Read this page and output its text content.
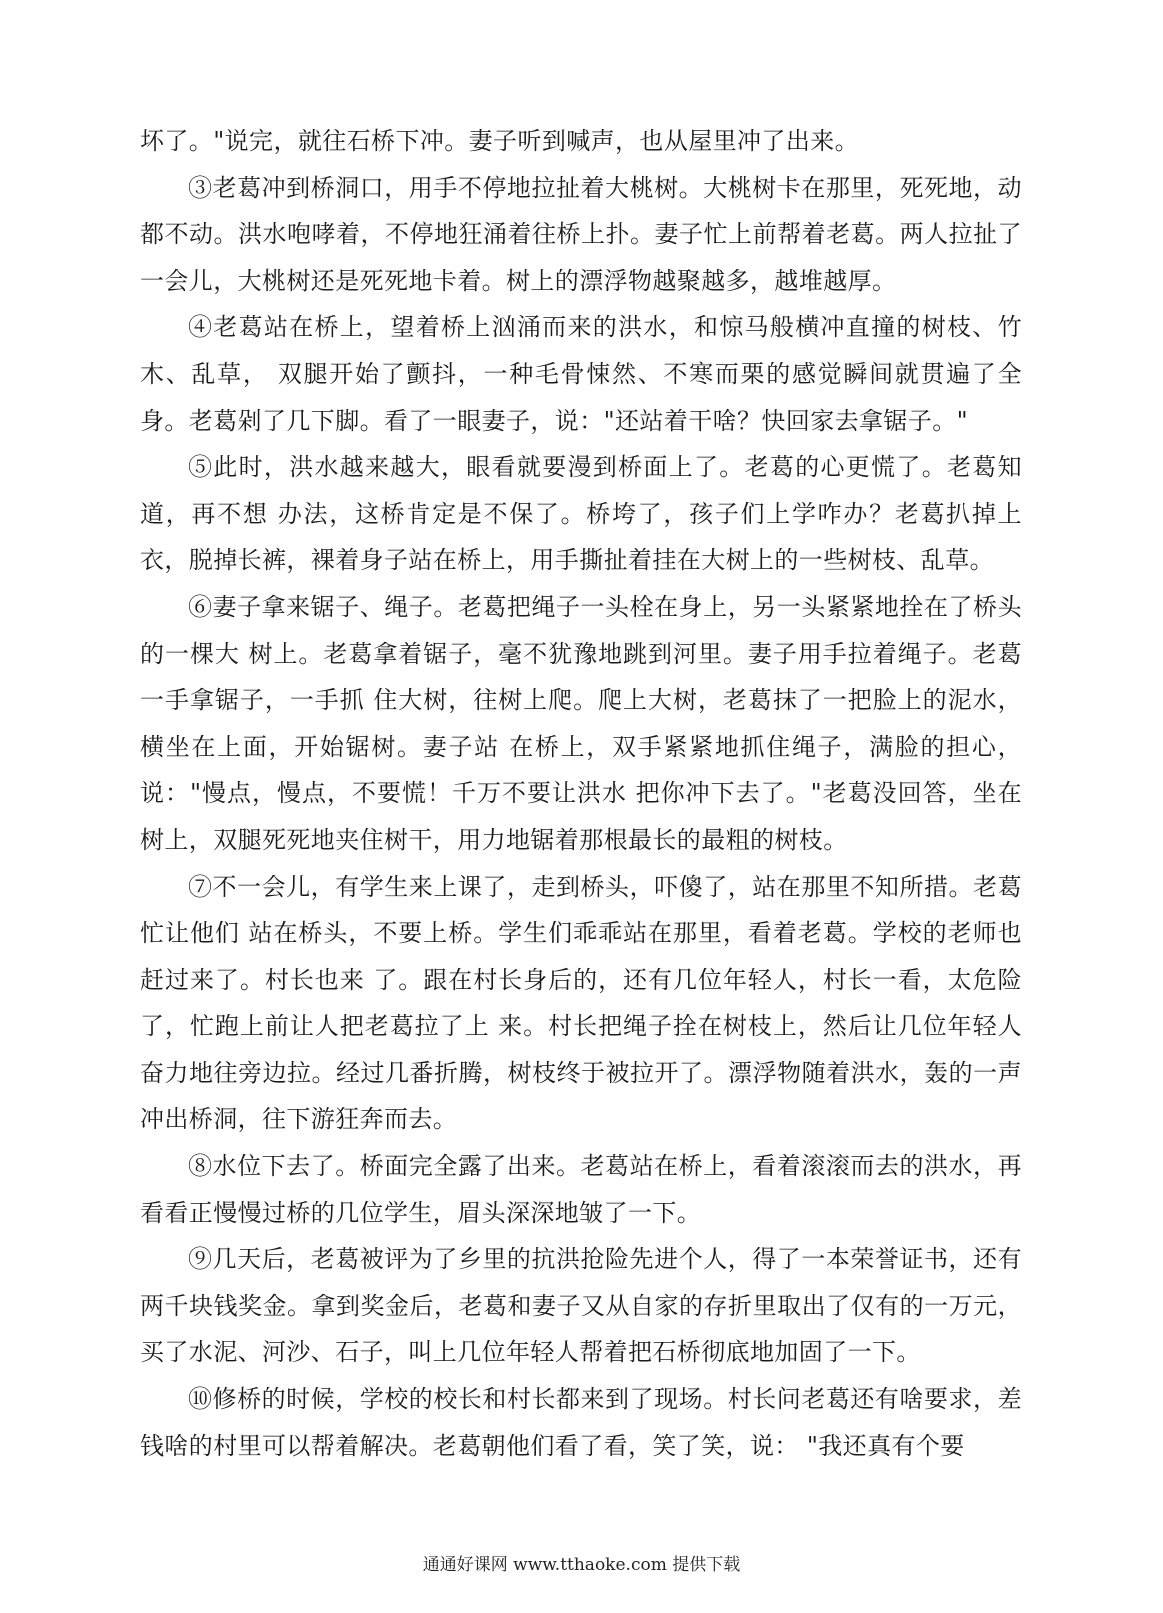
坏了。"说完，就往石桥下冲。妻子听到喊声，也从屋里冲了出来。

③老葛冲到桥洞口，用手不停地拉扯着大桃树。大桃树卡在那里，死死地，动都不动。洪水咆哮着，不停地狂涌着往桥上扑。妻子忙上前帮着老葛。两人拉扯了一会儿，大桃树还是死死地卡着。树上的漂浮物越聚越多，越堆越厚。

④老葛站在桥上，望着桥上汹涌而来的洪水，和惊马般横冲直撞的树枝、竹木、乱草， 双腿开始了颤抖，一种毛骨悚然、不寒而栗的感觉瞬间就贯遍了全身。老葛剁了几下脚。看了一眼妻子，说："还站着干啥？快回家去拿锯子。"

⑤此时，洪水越来越大，眼看就要漫到桥面上了。老葛的心更慌了。老葛知道，再不想 办法，这桥肯定是不保了。桥垮了，孩子们上学咋办？老葛扒掉上衣，脱掉长裤，裸着身子站在桥上，用手撕扯着挂在大树上的一些树枝、乱草。

⑥妻子拿来锯子、绳子。老葛把绳子一头栓在身上，另一头紧紧地拴在了桥头的一棵大 树上。老葛拿着锯子，毫不犹豫地跳到河里。妻子用手拉着绳子。老葛一手拿锯子，一手抓 住大树，往树上爬。爬上大树，老葛抹了一把脸上的泥水，横坐在上面，开始锯树。妻子站 在桥上，双手紧紧地抓住绳子，满脸的担心，说："慢点，慢点，不要慌！千万不要让洪水 把你冲下去了。"老葛没回答，坐在树上，双腿死死地夹住树干，用力地锯着那根最长的最粗的树枝。

⑦不一会儿，有学生来上课了，走到桥头，吓傻了，站在那里不知所措。老葛忙让他们 站在桥头，不要上桥。学生们乖乖站在那里，看着老葛。学校的老师也赶过来了。村长也来 了。跟在村长身后的，还有几位年轻人，村长一看，太危险了，忙跑上前让人把老葛拉了上 来。村长把绳子拴在树枝上，然后让几位年轻人奋力地往旁边拉。经过几番折腾，树枝终于被拉开了。漂浮物随着洪水，轰的一声冲出桥洞，往下游狂奔而去。

⑧水位下去了。桥面完全露了出来。老葛站在桥上，看着滚滚而去的洪水，再看看正慢慢过桥的几位学生，眉头深深地皱了一下。

⑨几天后，老葛被评为了乡里的抗洪抢险先进个人，得了一本荣誉证书，还有两千块钱奖金。拿到奖金后，老葛和妻子又从自家的存折里取出了仅有的一万元，买了水泥、河沙、石子，叫上几位年轻人帮着把石桥彻底地加固了一下。

⑩修桥的时候，学校的校长和村长都来到了现场。村长问老葛还有啥要求，差钱啥的村里可以帮着解决。老葛朝他们看了看，笑了笑，说： "我还真有个要

通通好课网 www.tthaoke.com 提供下载
